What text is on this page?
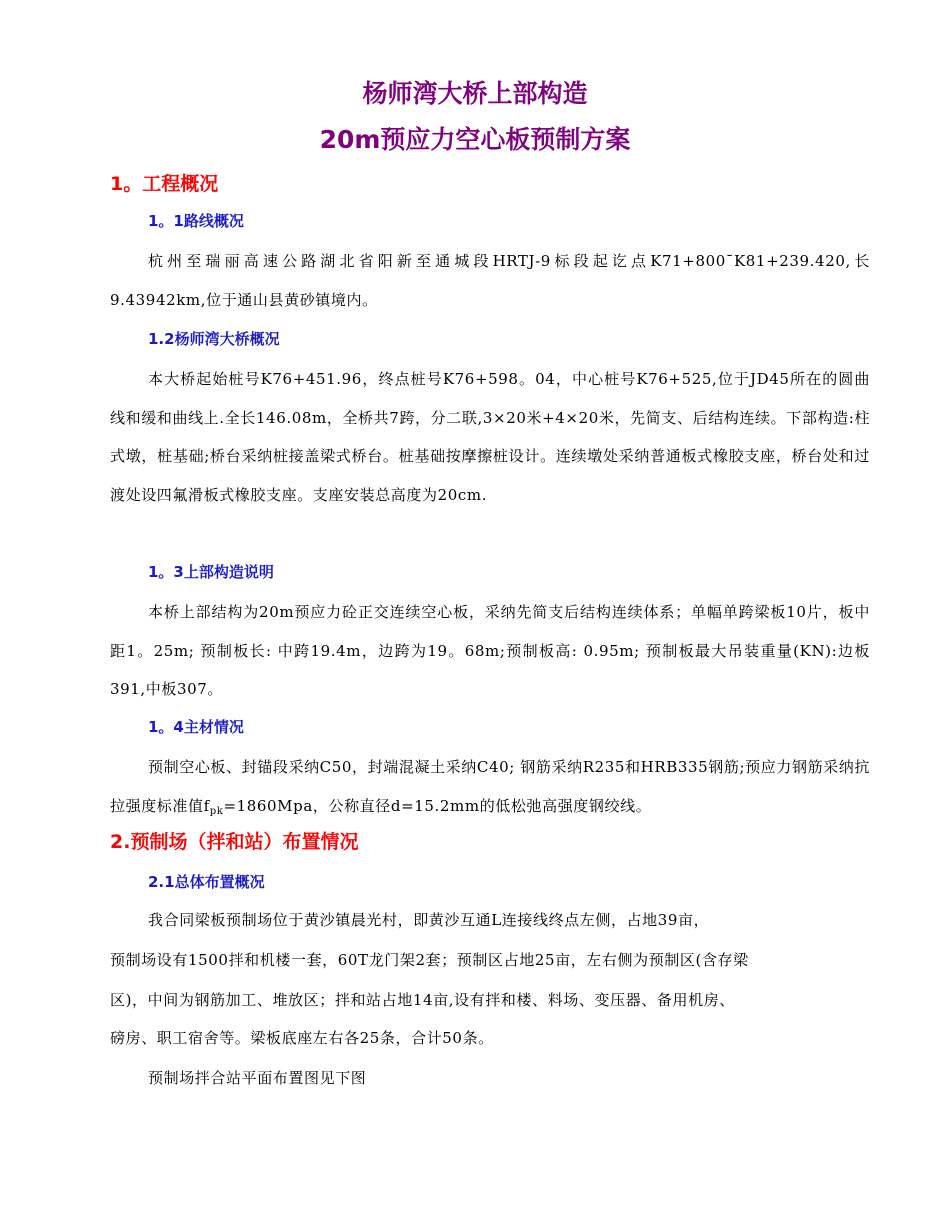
杨师湾大桥上部构造
20m预应力空心板预制方案
1。工程概况
1。1路线概况

杭州至瑞丽高速公路湖北省阳新至通城段HRTJ-9标段起讫点K71+800¯K81+239.420,长9.43942km,位于通山县黄砂镇境内。

1.2杨师湾大桥概况

本大桥起始桩号K76+451.96，终点桩号K76+598。04，中心桩号K76+525,位于JD45所在的圆曲线和缓和曲线上.全长146.08m，全桥共7跨，分二联,3×20米+4×20米，先简支、后结构连续。下部构造:柱式墩，桩基础;桥台采纳桩接盖梁式桥台。桩基础按摩擦桩设计。连续墩处采纳普通板式橡胶支座，桥台处和过渡处设四氟滑板式橡胶支座。支座安装总高度为20cm.

1。3上部构造说明

本桥上部结构为20m预应力砼正交连续空心板，采纳先简支后结构连续体系；单幅单跨梁板10片，板中距1。25m; 预制板长: 中跨19.4m，边跨为19。68m;预制板高: 0.95m; 预制板最大吊装重量(KN):边板391,中板307。

1。4主材情况

预制空心板、封锚段采纳C50，封端混凝土采纳C40; 钢筋采纳R235和HRB335钢筋;预应力钢筋采纳抗拉强度标准值$f_{pk}=1860Mpa$，公称直径d=15.2mm的低松弛高强度钢绞线。

2.预制场（拌和站）布置情况
2.1总体布置概况
我合同梁板预制场位于黄沙镇晨光村，即黄沙互通L连接线终点左侧，占地39亩，
预制场设有1500拌和机楼一套，60T龙门架2套；预制区占地25亩，左右侧为预制区(含存梁
区)，中间为钢筋加工、堆放区；拌和站占地14亩,设有拌和楼、料场、变压器、备用机房、
磅房、职工宿舍等。梁板底座左右各25条，合计50条。
预制场拌合站平面布置图见下图
